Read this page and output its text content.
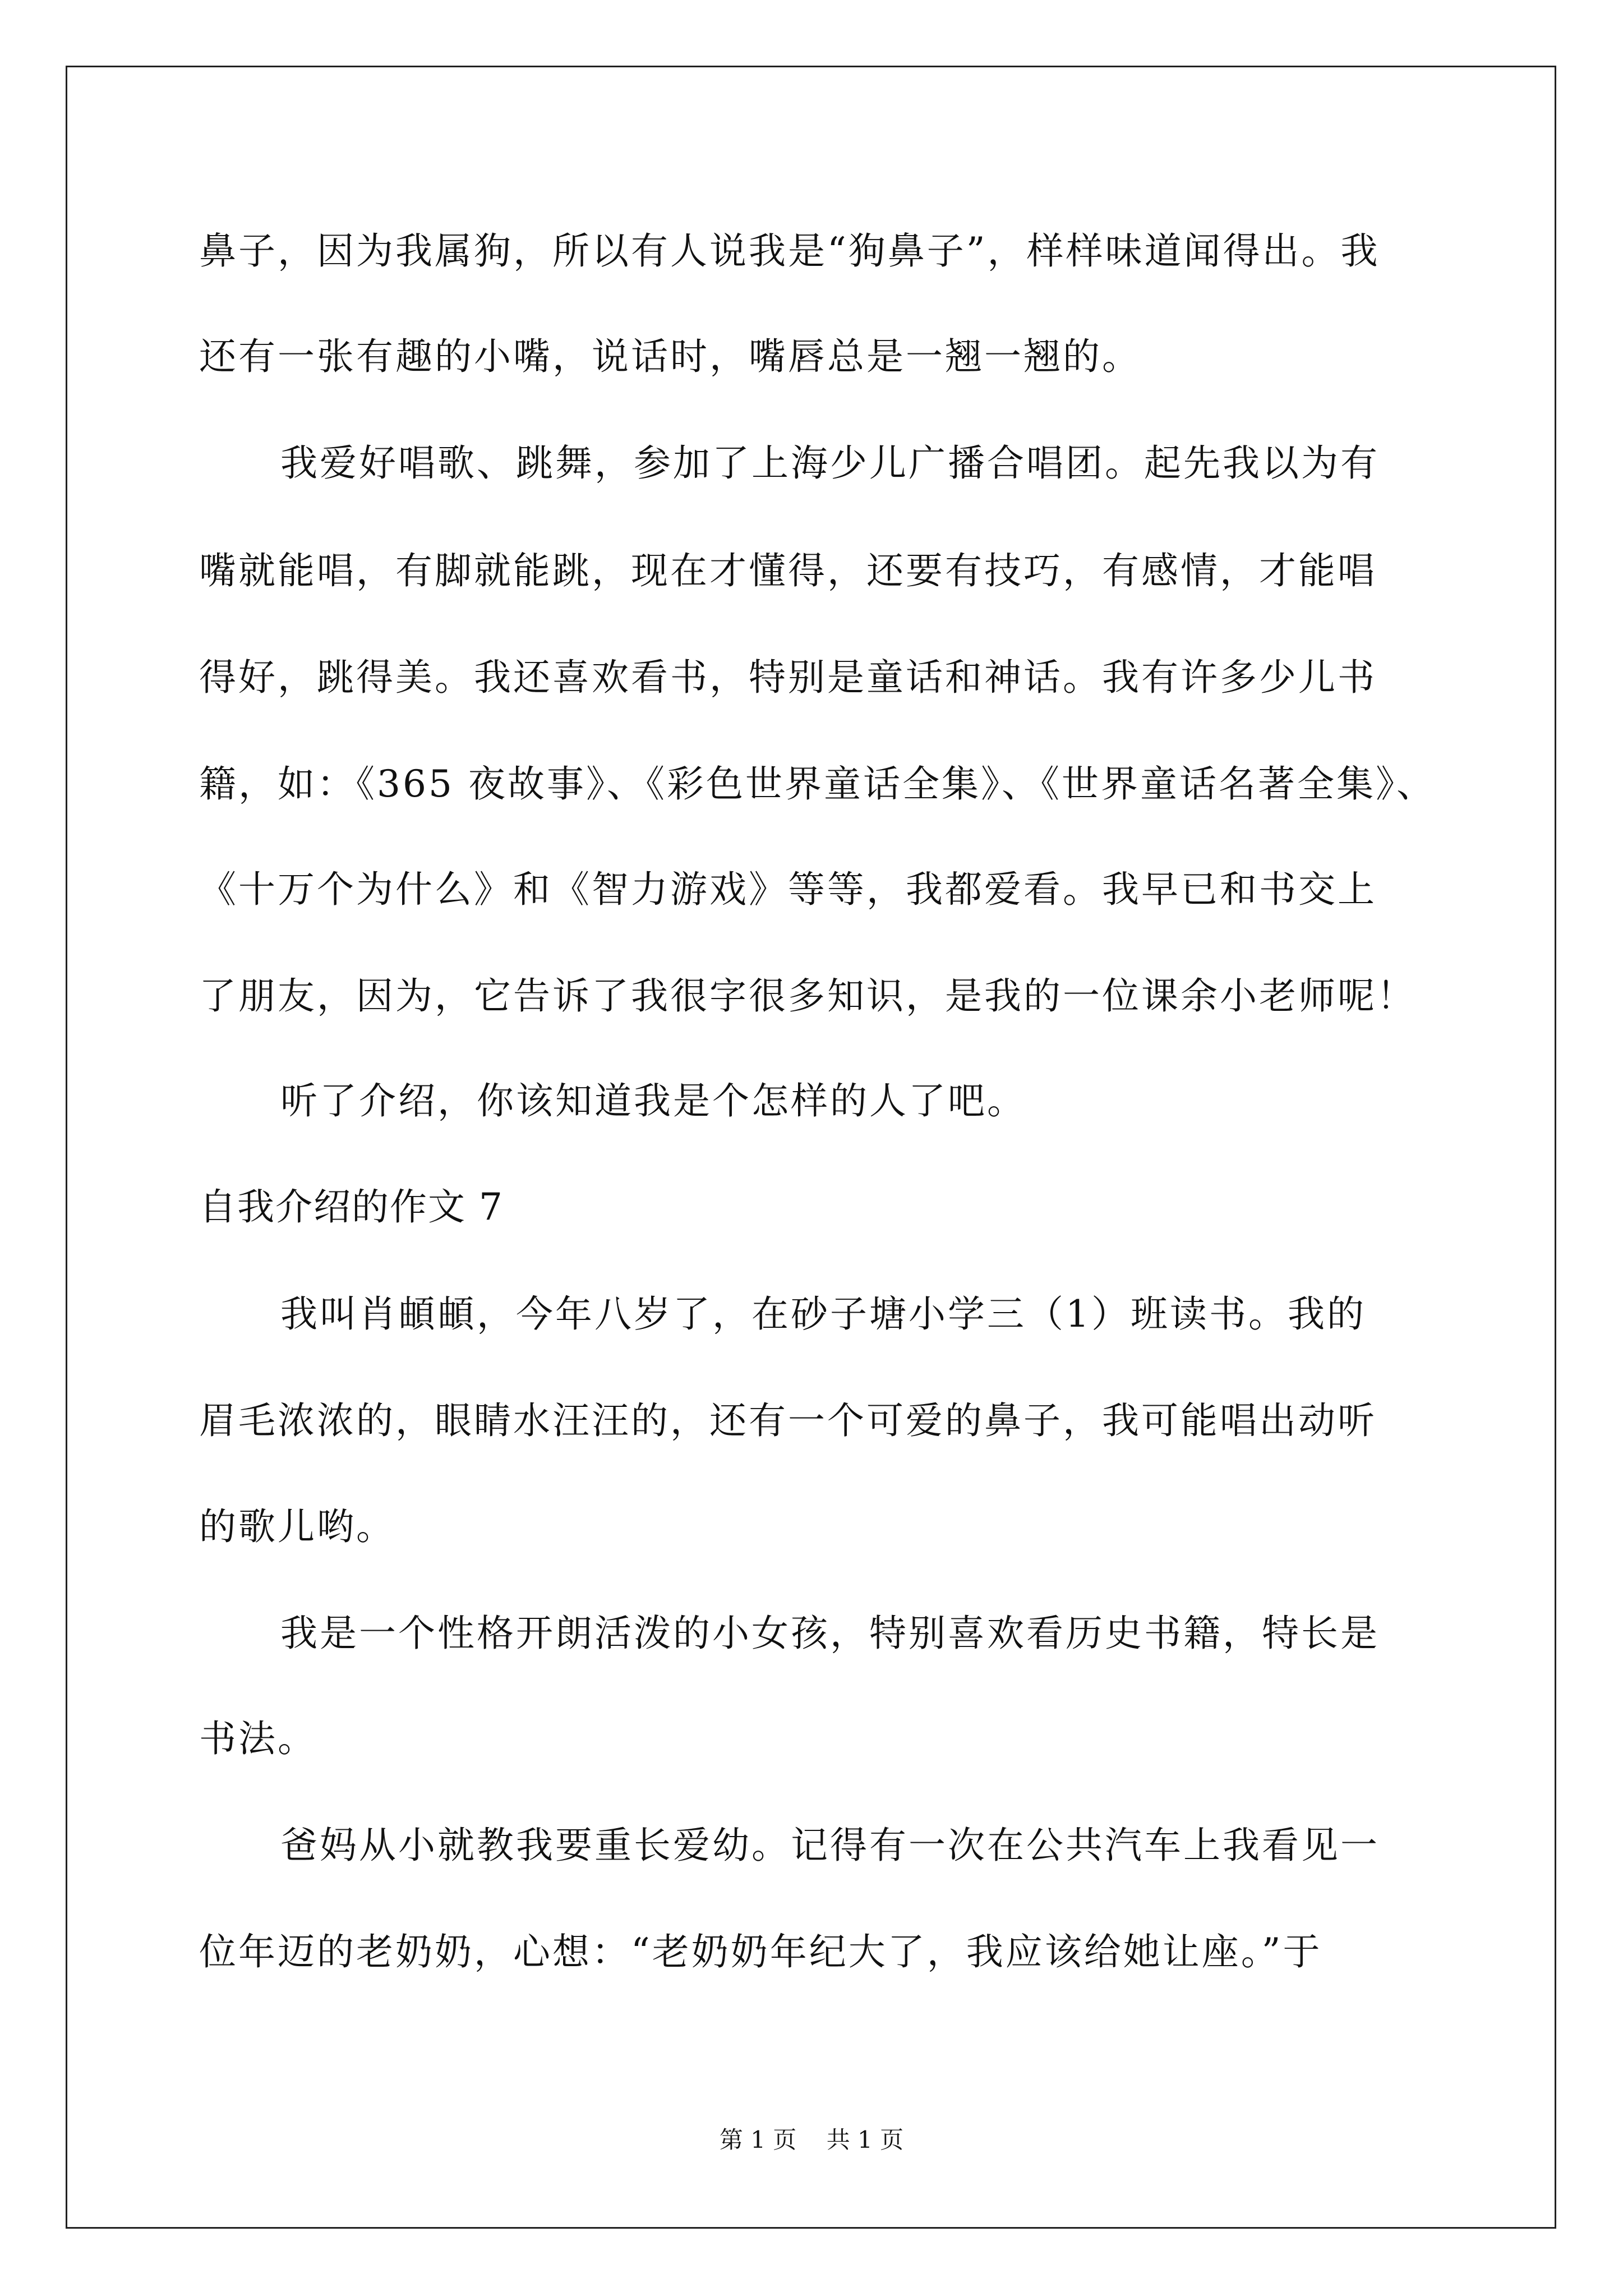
鼻子，因为我属狗，所以有人说我是“狗鼻子”，样样味道闻得出。我
还有一张有趣的小嘴，说话时，嘴唇总是一翘一翘的。
我爱好唱歌、跳舞，参加了上海少儿广播合唱团。起先我以为有
嘴就能唱，有脚就能跳，现在才懂得，还要有技巧，有感情，才能唱
得好，跳得美。我还喜欢看书，特别是童话和神话。我有许多少儿书
籍，如：《365 夜故事》、《彩色世界童话全集》、《世界童话名著全集》、
《十万个为什么》和《智力游戏》等等，我都爱看。我早已和书交上
了朋友，因为，它告诉了我很字很多知识，是我的一位课余小老师呢！
听了介绍，你该知道我是个怎样的人了吧。
自我介绍的作文 7
我叫肖頔頔，今年八岁了，在砂子塘小学三（1）班读书。我的
眉毛浓浓的，眼睛水汪汪的，还有一个可爱的鼻子，我可能唱出动听
的歌儿哟。
我是一个性格开朗活泼的小女孩，特别喜欢看历史书籍，特长是
书法。
爸妈从小就教我要重长爱幼。记得有一次在公共汽车上我看见一
位年迈的老奶奶，心想：“老奶奶年纪大了，我应该给她让座。”于
第 1 页    共 1 页
